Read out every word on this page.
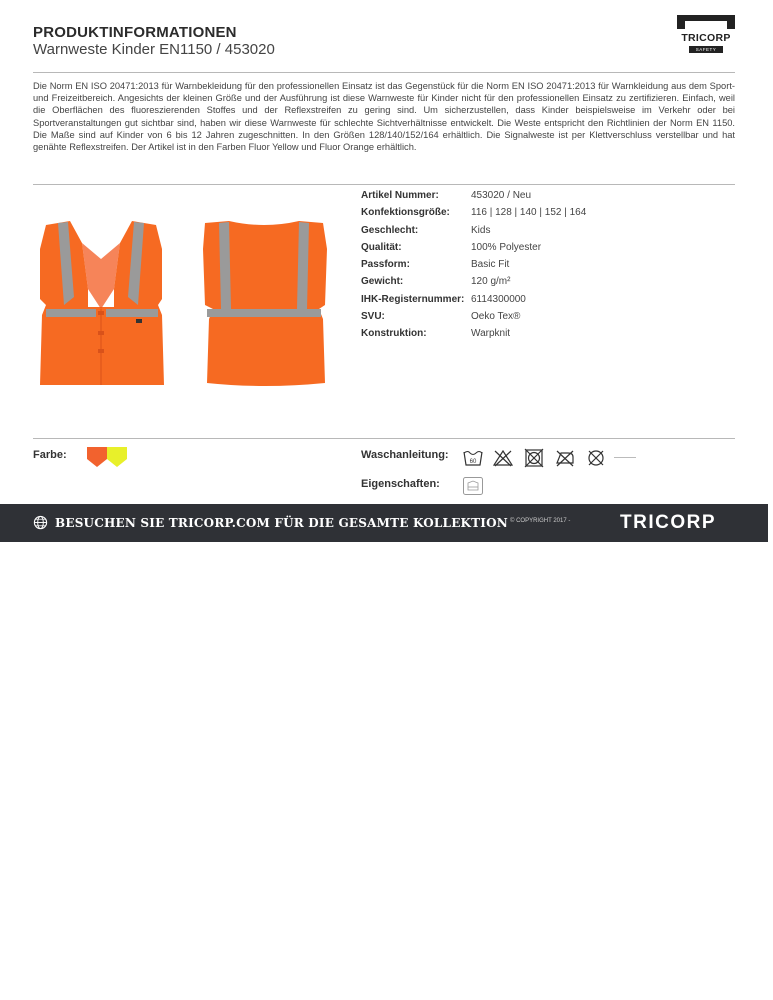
PRODUKTINFORMATIONEN
Warnweste Kinder EN1150 / 453020
TRICORP
SAFETY
Die Norm EN ISO 20471:2013 für Warnbekleidung für den professionellen Einsatz ist das Gegenstück für die Norm EN ISO 20471:2013 für Warnkleidung aus dem Sport- und Freizeitbereich. Angesichts der kleinen Größe und der Ausführung ist diese Warnweste für Kinder nicht für den professionellen Einsatz zu zertifizieren. Einfach, weil die Oberflächen des fluoreszierenden Stoffes und der Reflexstreifen zu gering sind. Um sicherzustellen, dass Kinder beispielsweise im Verkehr oder bei Sportveranstaltungen gut sichtbar sind, haben wir diese Warnweste für schlechte Sichtverhältnisse entwickelt. Die Weste entspricht den Richtlinien der Norm EN 1150. Die Maße sind auf Kinder von 6 bis 12 Jahren zugeschnitten. In den Größen 128/140/152/164 erhältlich. Die Signalweste ist per Klettverschluss verstellbar und hat genähte Reflexstreifen. Der Artikel ist in den Farben Fluor Yellow und Fluor Orange erhältlich.
Artikel Nummer:	453020 / Neu
Konfektionsgröße: 116 | 128 | 140 | 152 | 164
Geschlecht:	Kids
Qualität:	100% Polyester
Passform:	Basic Fit
Gewicht:	120 g/m²
IHK-Registernummer: 6114300000
SVU:	Oeko Tex®
Konstruktion:	Warpknit
Farbe:	Waschanleitung:
60
Eigenschaften:
BESUCHEN SIE TRICORP.COM FÜR DIE GESAMTE KOLLEKTION © COPYRIGHT 2017 -	TRICORP
